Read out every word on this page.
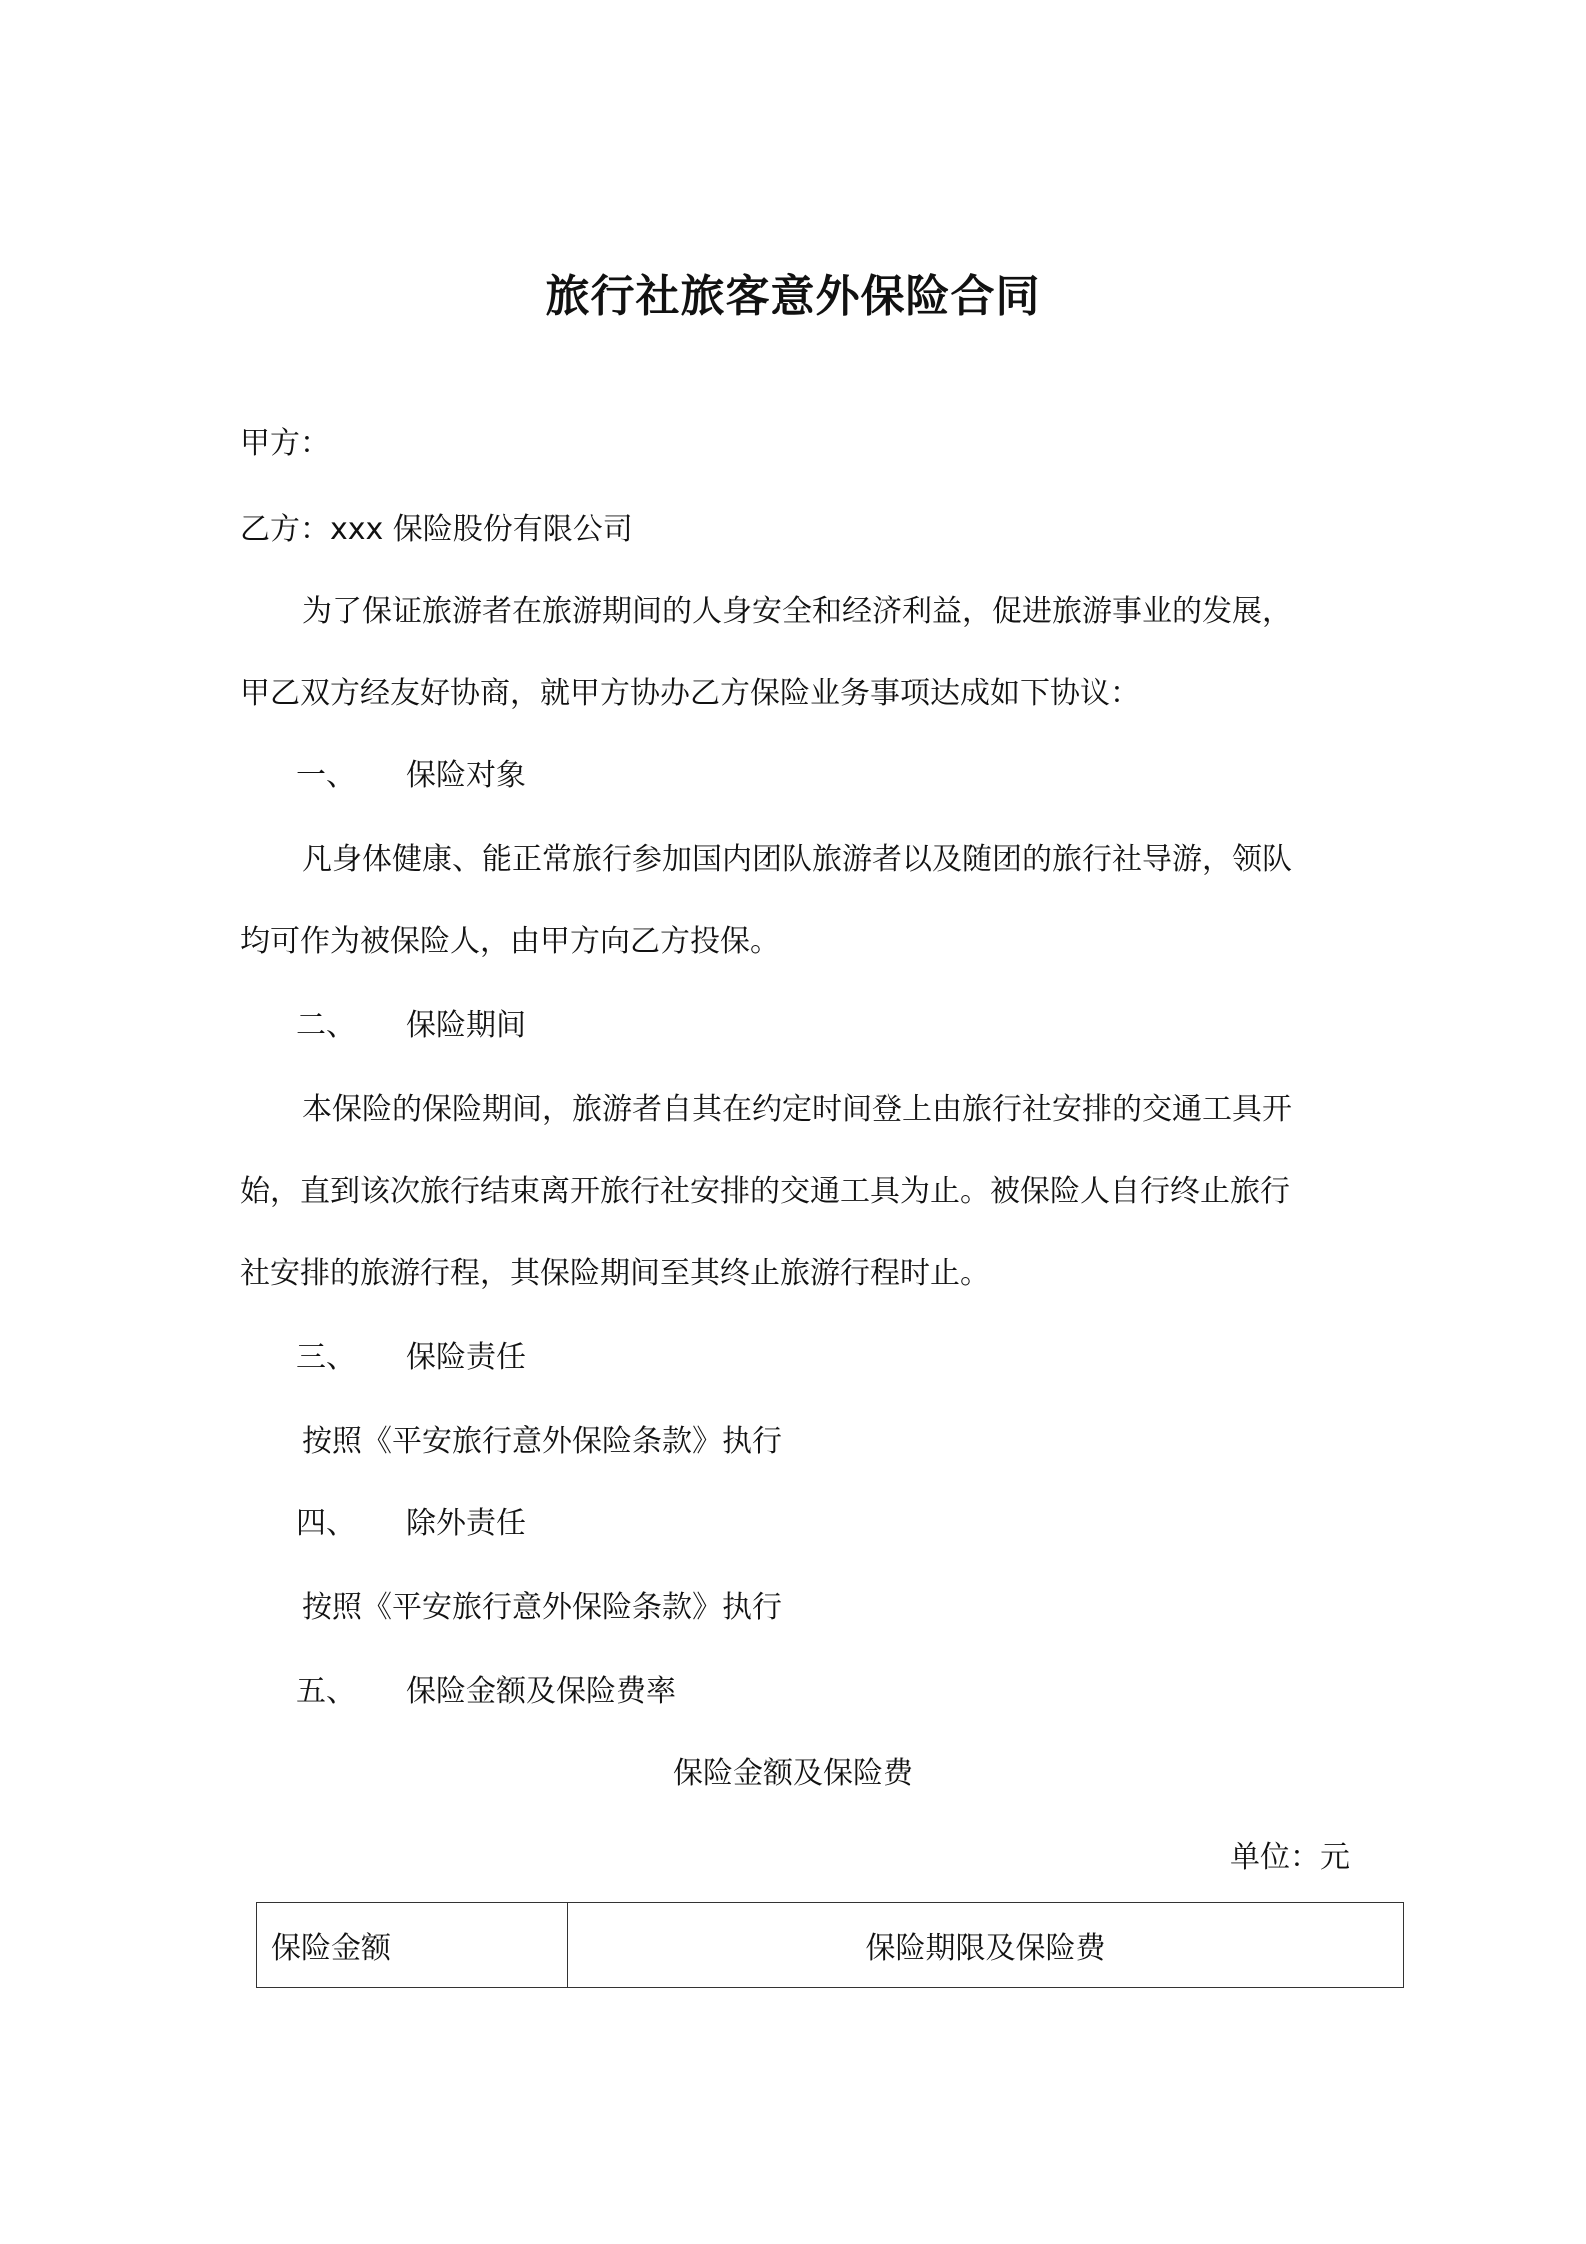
旅行社旅客意外保险合同
甲方：
乙方：xxx 保险股份有限公司
为了保证旅游者在旅游期间的人身安全和经济利益，促进旅游事业的发展，
甲乙双方经友好协商，就甲方协办乙方保险业务事项达成如下协议：
一、 保险对象
凡身体健康、能正常旅行参加国内团队旅游者以及随团的旅行社导游，领队
均可作为被保险人，由甲方向乙方投保。
二、 保险期间
本保险的保险期间，旅游者自其在约定时间登上由旅行社安排的交通工具开
始，直到该次旅行结束离开旅行社安排的交通工具为止。被保险人自行终止旅行
社安排的旅游行程，其保险期间至其终止旅游行程时止。
三、 保险责任
按照《平安旅行意外保险条款》执行
四、 除外责任
按照《平安旅行意外保险条款》执行
五、 保险金额及保险费率
保险金额及保险费
单位：元
保险金额	保险期限及保险费
